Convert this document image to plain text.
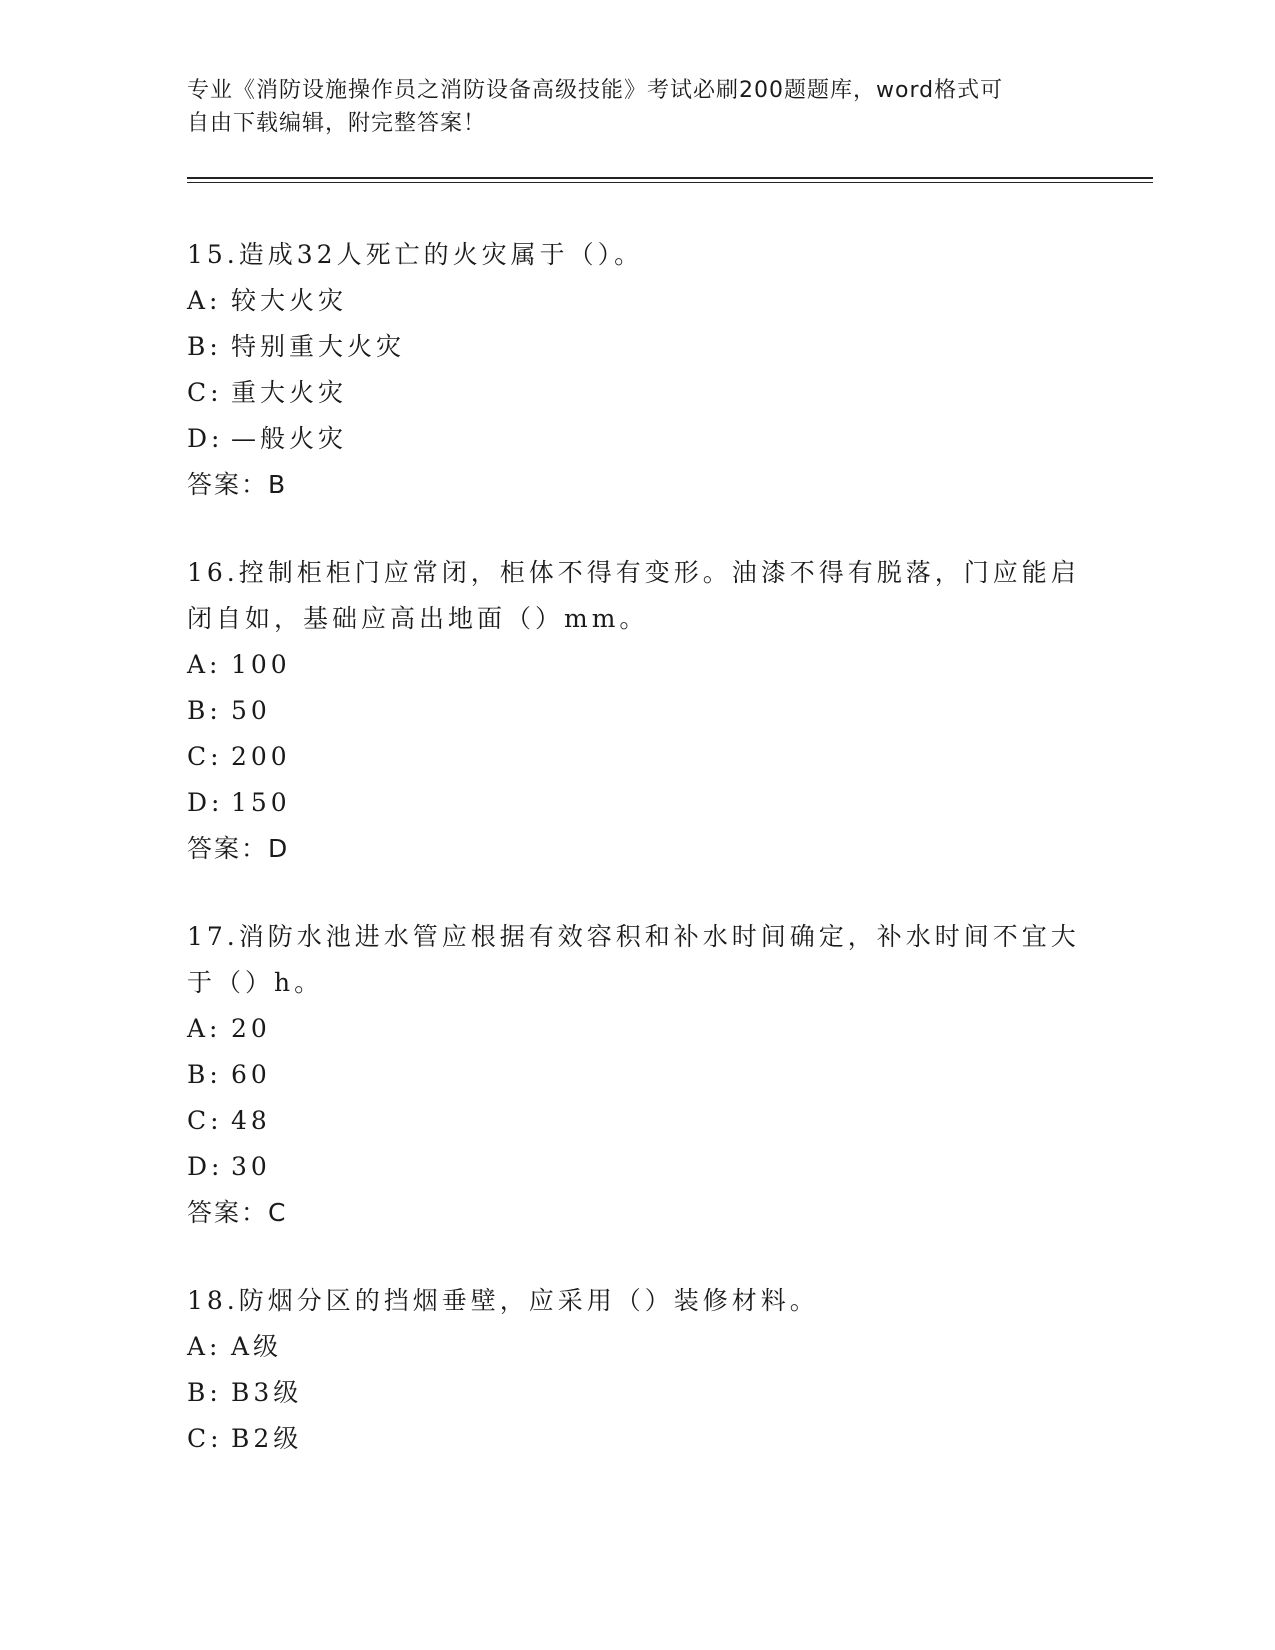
专业《消防设施操作员之消防设备高级技能》考试必刷200题题库，word格式可
自由下载编辑，附完整答案！

15.造成32人死亡的火灾属于（）。

A: 较大火灾
B: 特别重大火灾
C: 重大火灾
D: —般火灾
答案：B

16.控制柜柜门应常闭，柜体不得有变形。油漆不得有脱落，门应能启

闭自如，基础应高出地面（）mm。

A: 100
B: 50
C: 200
D: 150
答案：D

17.消防水池进水管应根据有效容积和补水时间确定，补水时间不宜大

于（）h。

A: 20
B: 60
C: 48
D: 30
答案：C

18.防烟分区的挡烟垂壁，应采用（）装修材料。

A: A级
B: B3级
C: B2级
